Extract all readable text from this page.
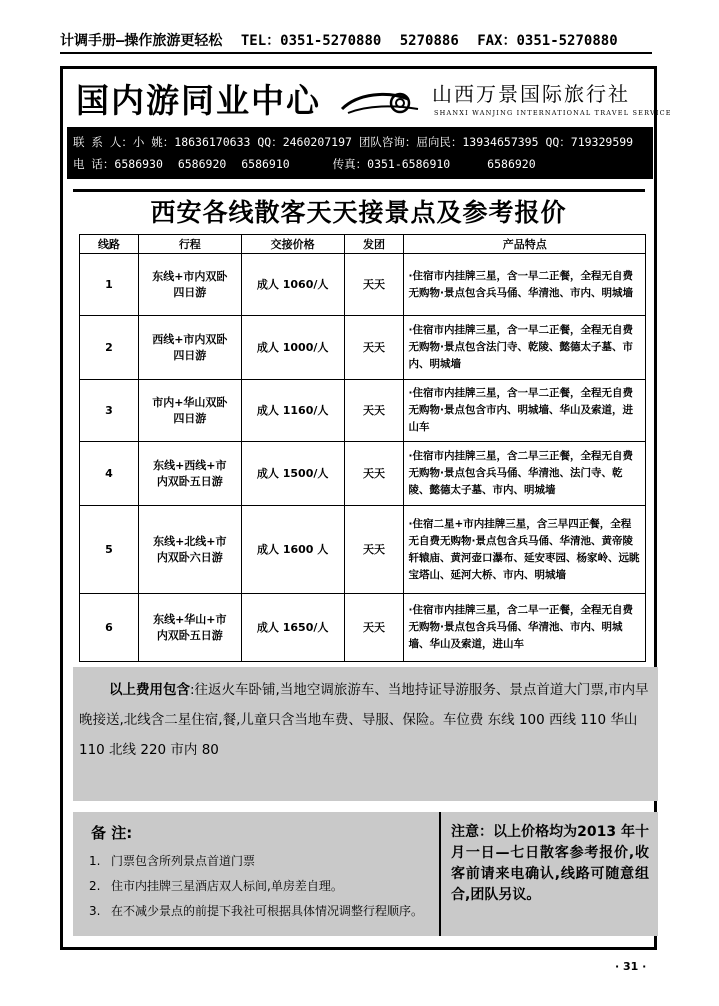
计调手册—操作旅游更轻松 TEL：0351-5270880 5270886 FAX：0351-5270880
国内游同业中心	山西万景国际旅行社
SHANXI WANJING INTERNATIONAL TRAVEL SERVICE
联 系 人：小 姚：18636170633 QQ：2460207197 团队咨询：屈向民：13934657395 QQ：719329599
电 话：6586930 6586920 6586910	传真：0351-6586910	6586920
西安各线散客天天接景点及参考报价
线路	行程	交接价格	发团	产品特点
1	东线+市内双卧四日游	成人 1060/人	天天	·住宿市内挂牌三星，含一早二正餐，全程无自费无购物·景点包含兵马俑、华清池、市内、明城墙
2	西线+市内双卧四日游	成人 1000/人	天天	·住宿市内挂牌三星，含一早二正餐，全程无自费无购物·景点包含法门寺、乾陵、懿德太子墓、市内、明城墙
3	市内+华山双卧四日游	成人 1160/人	天天	·住宿市内挂牌三星，含一早二正餐，全程无自费无购物·景点包含市内、明城墙、华山及索道，进山车
4	东线+西线+市内双卧五日游	成人 1500/人	天天	·住宿市内挂牌三星，含二早三正餐，全程无自费无购物·景点包含兵马俑、华清池、法门寺、乾陵、懿德太子墓、市内、明城墙
5	东线+北线+市内双卧六日游	成人 1600 人	天天	·住宿二星+市内挂牌三星，含三早四正餐，全程无自费无购物·景点包含兵马俑、华清池、黄帝陵轩辕庙、黄河壶口瀑布、延安枣园、杨家岭、远眺宝塔山、延河大桥、市内、明城墙
6	东线+华山+市内双卧五日游	成人 1650/人	天天	·住宿市内挂牌三星，含二早一正餐，全程无自费无购物·景点包含兵马俑、华清池、市内、明城墙、华山及索道，进山车
以上费用包含:往返火车卧铺,当地空调旅游车、当地持证导游服务、景点首道大门票,市内早晚接送,北线含二星住宿,餐,儿童只含当地车费、导服、保险。车位费 东线 100 西线 110 华山 110 北线 220 市内 80
备 注:
1. 门票包含所列景点首道门票
2. 住市内挂牌三星酒店双人标间,单房差自理。
3. 在不减少景点的前提下我社可根据具体情况调整行程顺序。
注意：以上价格均为2013 年十月一日—七日散客参考报价,收客前请来电确认,线路可随意组合,团队另议。
· 31 ·
